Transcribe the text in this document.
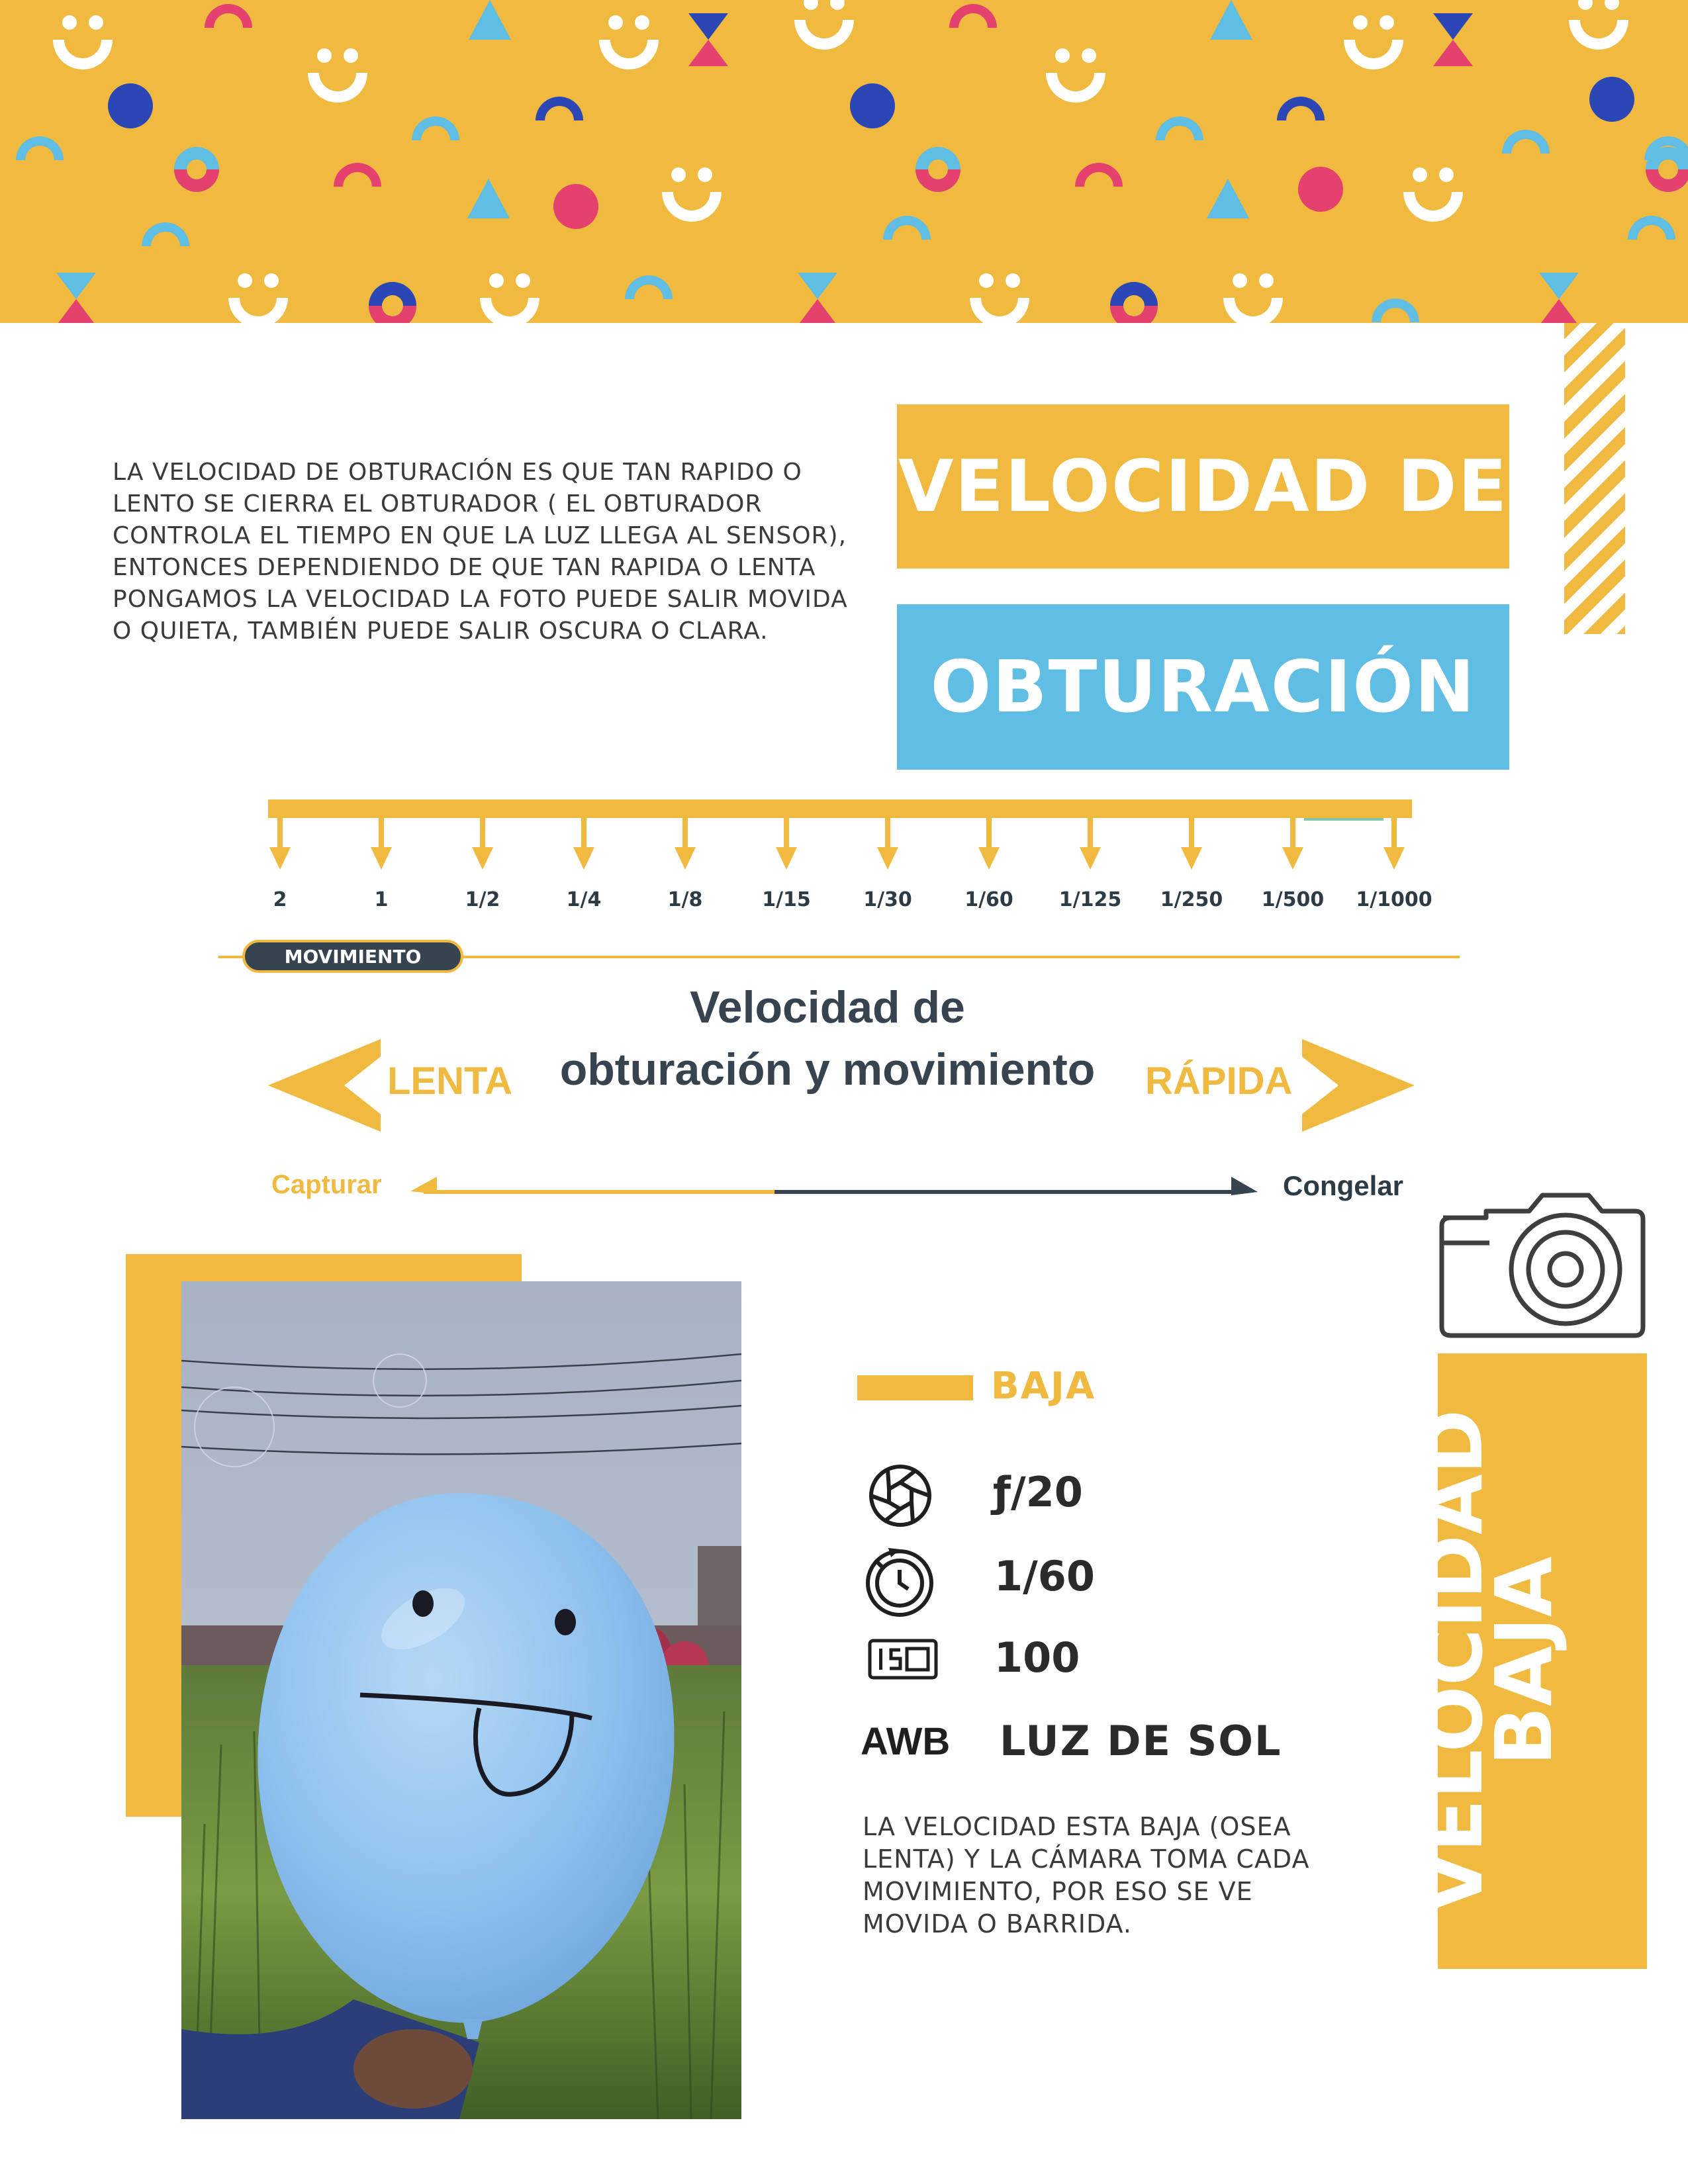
LA VELOCIDAD DE OBTURACIÓN ES QUE TAN RAPIDO O LENTO SE CIERRA EL OBTURADOR ( EL OBTURADOR CONTROLA EL TIEMPO EN QUE LA LUZ LLEGA AL SENSOR), ENTONCES DEPENDIENDO DE QUE TAN RAPIDA O LENTA PONGAMOS LA VELOCIDAD LA FOTO PUEDE SALIR MOVIDA O QUIETA, TAMBIÉN PUEDE SALIR OSCURA O CLARA.

VELOCIDAD DE
OBTURACIÓN
2	1	1/2	1/4	1/8	1/15	1/30	1/60	1/125	1/250	1/500	1/1000
MOVIMIENTO
Velocidad de
obturación y movimiento
LENTA	RÁPIDA
Capturar	Congelar
BAJA
ƒ/20
1/60
100
AWB LUZ DE SOL

LA VELOCIDAD ESTA BAJA (OSEA LENTA) Y LA CÁMARA TOMA CADA MOVIMIENTO, POR ESO SE VE MOVIDA O BARRIDA.

VELOCIDAD
BAJA
